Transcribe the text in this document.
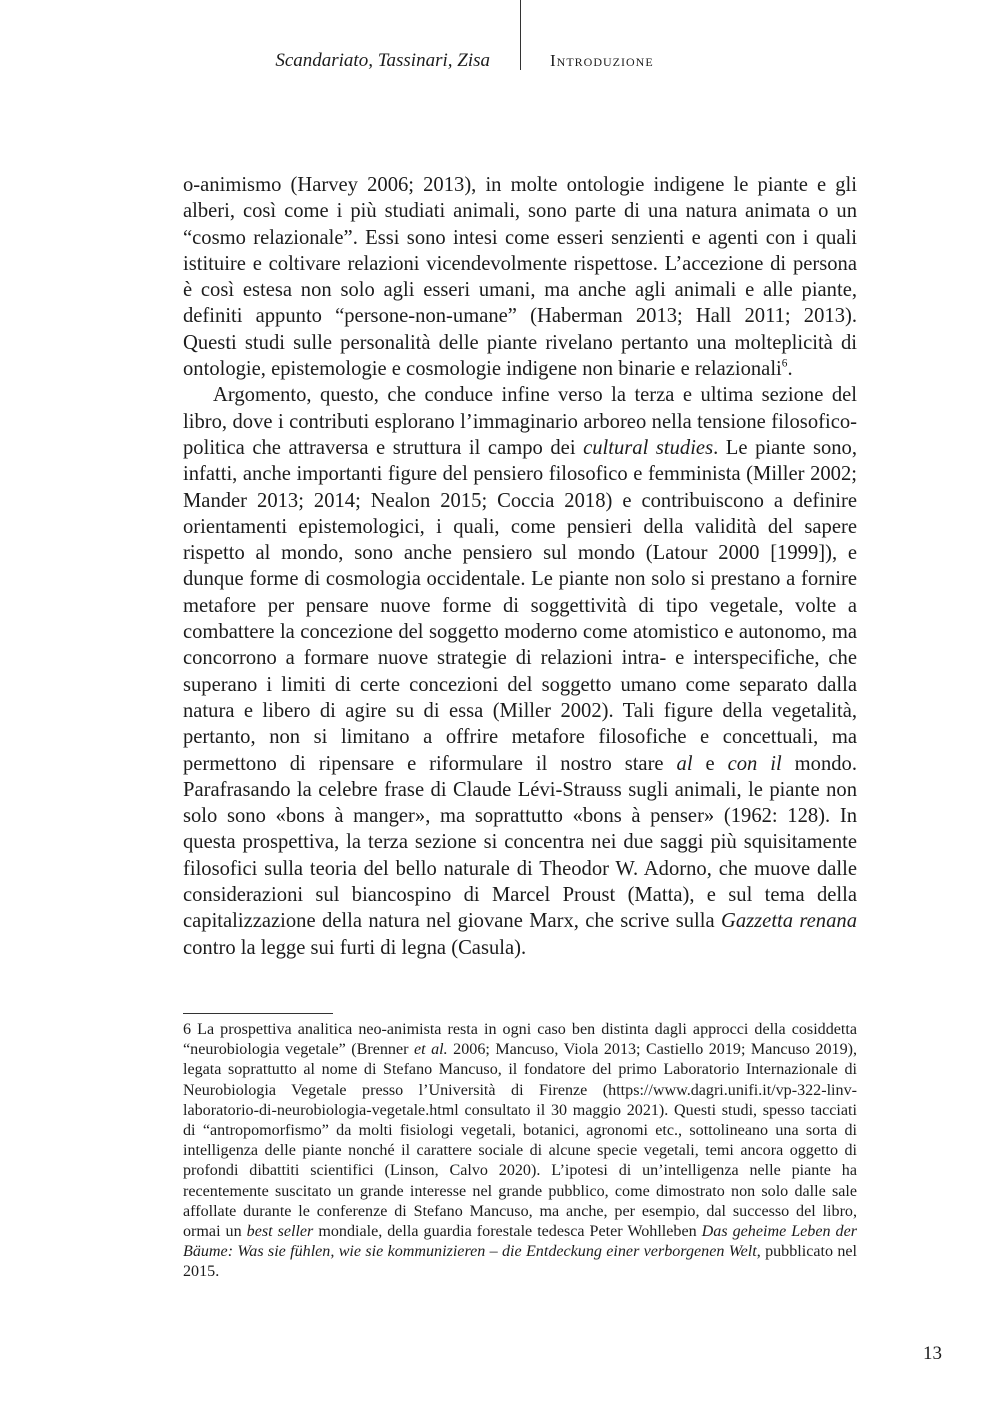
Scandariato, Tassinari, Zisa	Introduzione

o-animismo (Harvey 2006; 2013), in molte ontologie indigene le piante e gli alberi, così come i più studiati animali, sono parte di una natura animata o un “cosmo relazionale”. Essi sono intesi come esseri senzienti e agenti con i quali istituire e coltivare relazioni vicendevolmente rispettose. L’accezione di persona è così estesa non solo agli esseri umani, ma anche agli animali e alle piante, definiti appunto “persone-non-umane” (Haberman 2013; Hall 2011; 2013). Questi studi sulle personalità delle piante rivelano pertanto una molteplicità di ontologie, epistemologie e cosmologie indigene non binarie e relazionali$^6$.

Argomento, questo, che conduce infine verso la terza e ultima sezione del libro, dove i contributi esplorano l’immaginario arboreo nella tensione filosofico-politica che attraversa e struttura il campo dei cultural studies. Le piante sono, infatti, anche importanti figure del pensiero filosofico e femminista (Miller 2002; Mander 2013; 2014; Nealon 2015; Coccia 2018) e contribuiscono a definire orientamenti epistemologici, i quali, come pensieri della validità del sapere rispetto al mondo, sono anche pensiero sul mondo (Latour 2000 [1999]), e dunque forme di cosmologia occidentale. Le piante non solo si prestano a fornire metafore per pensare nuove forme di soggettività di tipo vegetale, volte a combattere la concezione del soggetto moderno come atomistico e autonomo, ma concorrono a formare nuove strategie di relazioni intra- e interspecifiche, che superano i limiti di certe concezioni del soggetto umano come separato dalla natura e libero di agire su di essa (Miller 2002). Tali figure della vegetalità, pertanto, non si limitano a offrire metafore filosofiche e concettuali, ma permettono di ripensare e riformulare il nostro stare al e con il mondo. Parafrasando la celebre frase di Claude Lévi-Strauss sugli animali, le piante non solo sono «bons à manger», ma soprattutto «bons à penser» (1962: 128). In questa prospettiva, la terza sezione si concentra nei due saggi più squisitamente filosofici sulla teoria del bello naturale di Theodor W. Adorno, che muove dalle considerazioni sul biancospino di Marcel Proust (Matta), e sul tema della capitalizzazione della natura nel giovane Marx, che scrive sulla Gazzetta renana contro la legge sui furti di legna (Casula).

6 La prospettiva analitica neo-animista resta in ogni caso ben distinta dagli approcci della cosiddetta “neurobiologia vegetale” (Brenner et al. 2006; Mancuso, Viola 2013; Castiello 2019; Mancuso 2019), legata soprattutto al nome di Stefano Mancuso, il fondatore del primo Laboratorio Internazionale di Neurobiologia Vegetale presso l’Università di Firenze (https://​www.dagri.unifi.it/vp-322-linv-laboratorio-di-neurobiologia-vegetale.html consultato il 30 maggio 2021). Questi studi, spesso tacciati di “antropomorfismo” da molti fisiologi vegetali, botanici, agronomi etc., sottolineano una sorta di intelligenza delle piante nonché il carattere sociale di alcune specie vegetali, temi ancora oggetto di profondi dibattiti scientifici (Linson, Calvo 2020). L’ipotesi di un’intelligenza nelle piante ha recentemente suscitato un grande interesse nel grande pubblico, come dimostrato non solo dalle sale affollate durante le conferenze di Stefano Mancuso, ma anche, per esempio, dal successo del libro, ormai un best seller mondiale, della guardia forestale tedesca Peter Wohlleben Das geheime Leben der Bäume: Was sie fühlen, wie sie kommunizieren – die Entdeckung einer verborgenen Welt, pubblicato nel 2015.

13
